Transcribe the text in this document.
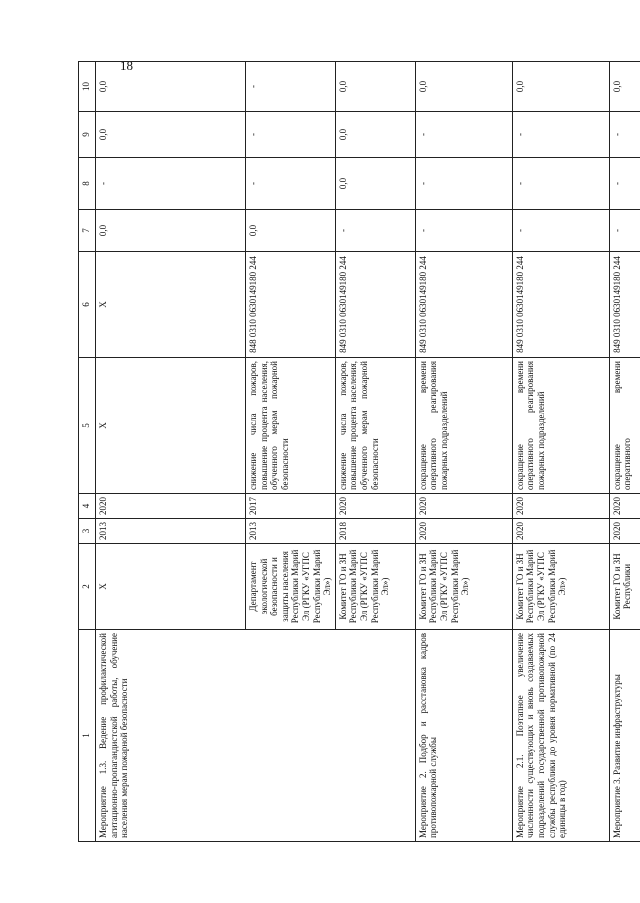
18
1	2	3	4	5	6	7	8	9	10
Мероприятие 1.3. Ведение профилактической агитационно-пропагандистской работы, обучение населения мерам пожарной безопасности	X	2013	2020	X	X	0,0	-	0,0	0,0
	Департамент экологической безопасности и защиты населения Республики Марий Эл (РГКУ «УГПС Республики Марий Эл»)	2013	2017	снижение числа пожаров, повышение процента населения, обученного мерам пожарной безопасности	848 0310 0630149180 244	0,0	-	-	-
	Комитет ГО и ЗН Республики Марий Эл (РГКУ «УГПС Республики Марий Эл»)	2018	2020	снижение числа пожаров, повышение процента населения, обученного мерам пожарной безопасности	849 0310 0630149180 244	-	0,0	0,0	0,0
Мероприятие 2. Подбор и расстановка кадров противопожарной службы	Комитет ГО и ЗН Республики Марий Эл (РГКУ «УГПС Республики Марий Эл»)	2020	2020	сокращение времени оперативного реагирования пожарных подразделений	849 0310 0630149180 244	-	-	-	0,0
Мероприятие 2.1. Поэтапное увеличение численности существующих и вновь создаваемых подразделений государственной противопожарной службы республики до уровня нормативной (по 24 единицы в год)	Комитет ГО и ЗН Республики Марий Эл (РГКУ «УГПС Республики Марий Эл»)	2020	2020	сокращение времени оперативного реагирования пожарных подразделений	849 0310 0630149180 244	-	-	-	0,0
Мероприятие 3. Развитие инфраструктуры	Комитет ГО и ЗН Республики	2020	2020	сокращение времени оперативного	849 0310 0630149180 244	-	-	-	0,0
